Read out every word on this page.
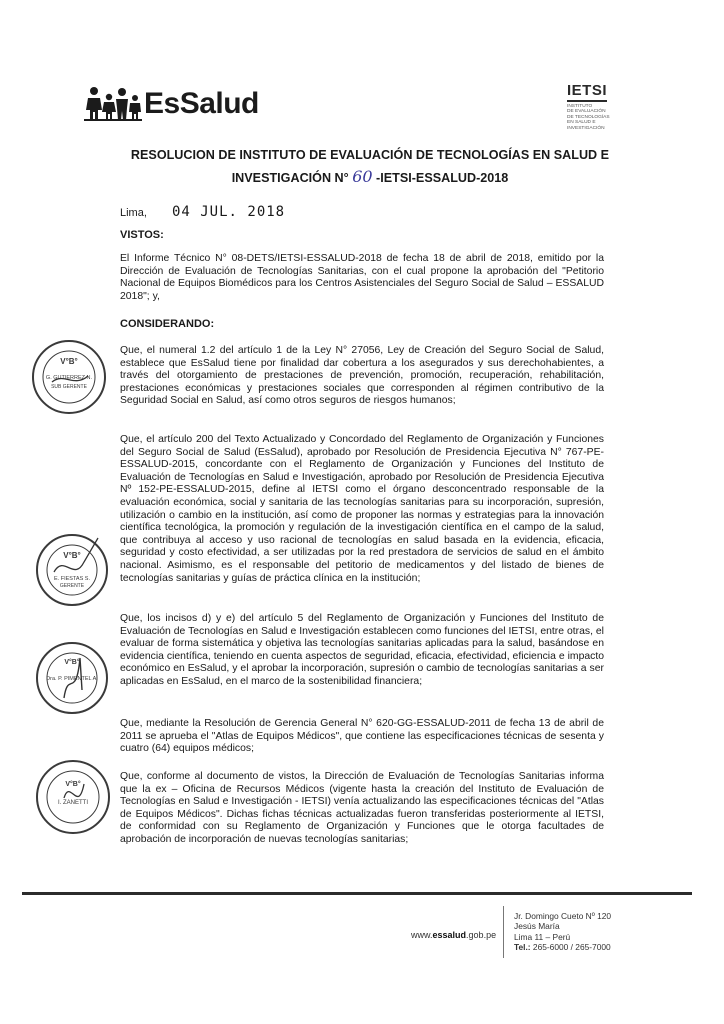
EsSalud	IETSI
INSTITUTO
DE EVALUACIÓN
DE TECNOLOGÍAS
EN SALUD E
INVESTIGACIÓN
RESOLUCION DE INSTITUTO DE EVALUACIÓN DE TECNOLOGÍAS EN SALUD E
INVESTIGACIÓN N° 60 -IETSI-ESSALUD-2018
Lima, 04 JUL. 2018
VISTOS:
El Informe Técnico N° 08-DETS/IETSI-ESSALUD-2018 de fecha 18 de abril de 2018, emitido por la Dirección de Evaluación de Tecnologías Sanitarias, con el cual propone la aprobación del "Petitorio Nacional de Equipos Biomédicos para los Centros Asistenciales del Seguro Social de Salud – ESSALUD 2018"; y,
CONSIDERANDO:
Que, el numeral 1.2 del artículo 1 de la Ley N° 27056, Ley de Creación del Seguro Social de Salud, establece que EsSalud tiene por finalidad dar cobertura a los asegurados y sus derechohabientes, a través del otorgamiento de prestaciones de prevención, promoción, recuperación, rehabilitación, prestaciones económicas y prestaciones sociales que corresponden al régimen contributivo de la Seguridad Social en Salud, así como otros seguros de riesgos humanos;
Que, el artículo 200 del Texto Actualizado y Concordado del Reglamento de Organización y Funciones del Seguro Social de Salud (EsSalud), aprobado por Resolución de Presidencia Ejecutiva N° 767-PE-ESSALUD-2015, concordante con el Reglamento de Organización y Funciones del Instituto de Evaluación de Tecnologías en Salud e Investigación, aprobado por Resolución de Presidencia Ejecutiva Nº 152-PE-ESSALUD-2015, define al IETSI como el órgano desconcentrado responsable de la evaluación económica, social y sanitaria de las tecnologías sanitarias para su incorporación, supresión, utilización o cambio en la institución, así como de proponer las normas y estrategias para la innovación científica tecnológica, la promoción y regulación de la investigación científica en el campo de la salud, que contribuya al acceso y uso racional de tecnologías en salud basada en la evidencia, eficacia, seguridad y costo efectividad, a ser utilizadas por la red prestadora de servicios de salud en el ámbito nacional. Asimismo, es el responsable del petitorio de medicamentos y del listado de bienes de tecnologías sanitarias y guías de práctica clínica en la institución;
Que, los incisos d) y e) del artículo 5 del Reglamento de Organización y Funciones del Instituto de Evaluación de Tecnologías en Salud e Investigación establecen como funciones del IETSI, entre otras, el evaluar de forma sistemática y objetiva las tecnologías sanitarias aplicadas para la salud, basándose en evidencia científica, teniendo en cuenta aspectos de seguridad, eficacia, efectividad, eficiencia e impacto económico en EsSalud, y el aprobar la incorporación, supresión o cambio de tecnologías sanitarias a ser aplicadas en EsSalud, en el marco de la sostenibilidad financiera;
Que, mediante la Resolución de Gerencia General N° 620-GG-ESSALUD-2011 de fecha 13 de abril de 2011 se aprueba el "Atlas de Equipos Médicos", que contiene las especificaciones técnicas de sesenta y cuatro (64) equipos médicos;
Que, conforme al documento de vistos, la Dirección de Evaluación de Tecnologías Sanitarias informa que la ex – Oficina de Recursos Médicos (vigente hasta la creación del Instituto de Evaluación de Tecnologías en Salud e Investigación - IETSI) venía actualizando las especificaciones técnicas del "Atlas de Equipos Médicos". Dichas fichas técnicas actualizadas fueron transferidas posteriormente al IETSI, de conformidad con su Reglamento de Organización y Funciones que le otorga facultades de aprobación de incorporación de nuevas tecnologías sanitarias;
V°B°
G. GUTIERREZ N.
SUB GERENTE
V°B°
E. FIESTAS S.
GERENTE
V°B°
Dra. P. PIMENTEL A.
V°B°
I. ZANETTI
www.essalud.gob.pe
Jr. Domingo Cueto Nº 120
Jesús María
Lima 11 – Perú
Tel.: 265-6000 / 265-7000
